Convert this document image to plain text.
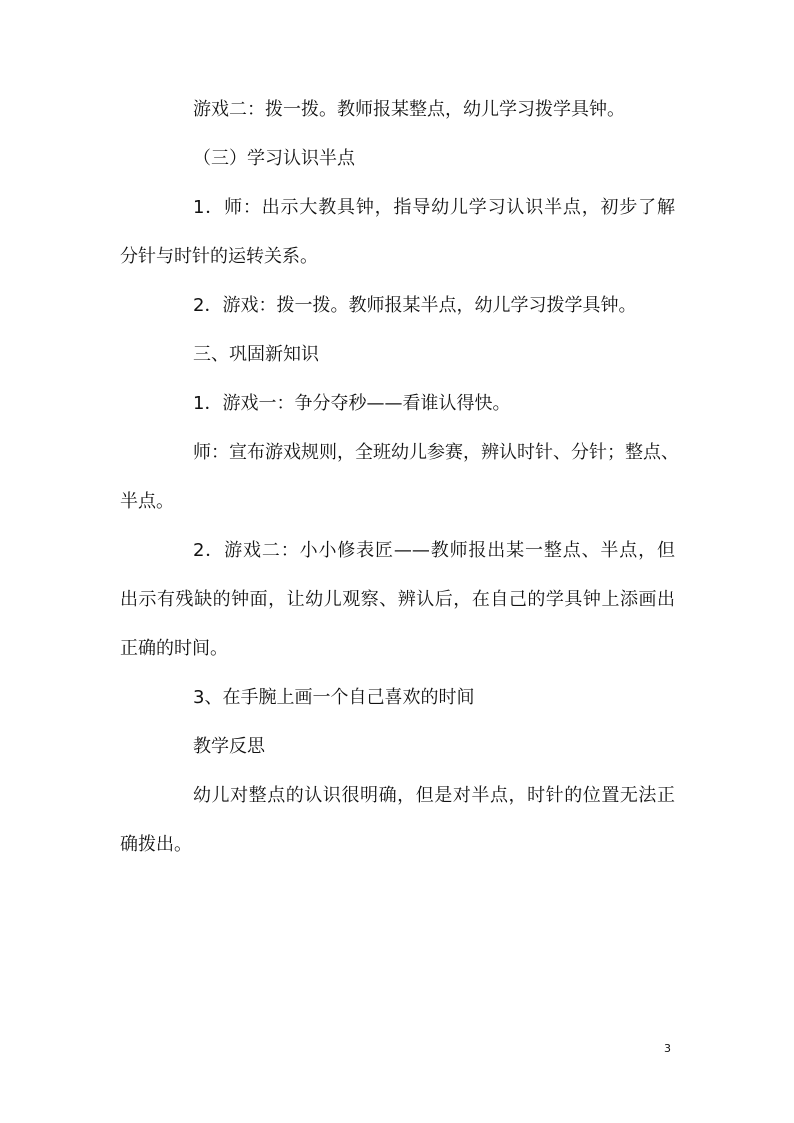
游戏二：拨一拨。教师报某整点，幼儿学习拨学具钟。

（三）学习认识半点

1．师：出示大教具钟，指导幼儿学习认识半点，初步了解

分针与时针的运转关系。

2．游戏：拨一拨。教师报某半点，幼儿学习拨学具钟。

三、巩固新知识

1．游戏一：争分夺秒——看谁认得快。

师：宣布游戏规则，全班幼儿参赛，辨认时针、分针；整点、

半点。

2．游戏二：小小修表匠——教师报出某一整点、半点，但

出示有残缺的钟面，让幼儿观察、辨认后，在自己的学具钟上添画出

正确的时间。

3、在手腕上画一个自己喜欢的时间

教学反思

幼儿对整点的认识很明确，但是对半点，时针的位置无法正

确拨出。

3
